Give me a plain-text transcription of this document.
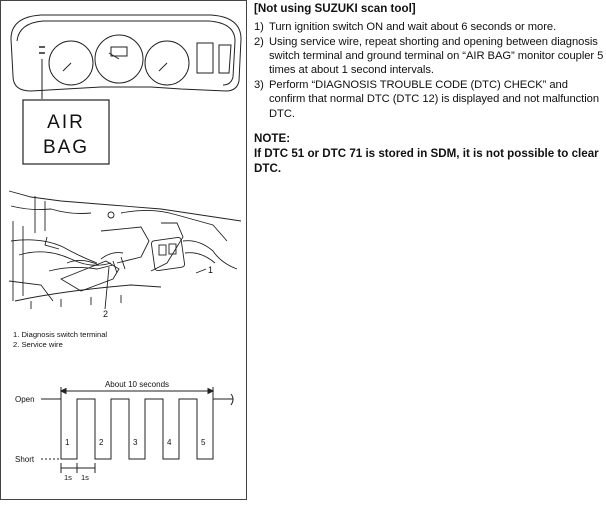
AIR
BAG
1
2
About 10 seconds
Open
Short
1	2	3	4	5
1s 1s
1. Diagnosis switch terminal
2. Service wire
[Not using SUZUKI scan tool]
1) Turn ignition switch ON and wait about 6 seconds or more.
2) Using service wire, repeat shorting and opening between diagnosis switch terminal and ground terminal on “AIR BAG” monitor coupler 5 times at about 1 second intervals.
3) Perform “DIAGNOSIS TROUBLE CODE (DTC) CHECK” and confirm that normal DTC (DTC 12) is displayed and not malfunction DTC.
NOTE:
If DTC 51 or DTC 71 is stored in SDM, it is not possible to clear DTC.
